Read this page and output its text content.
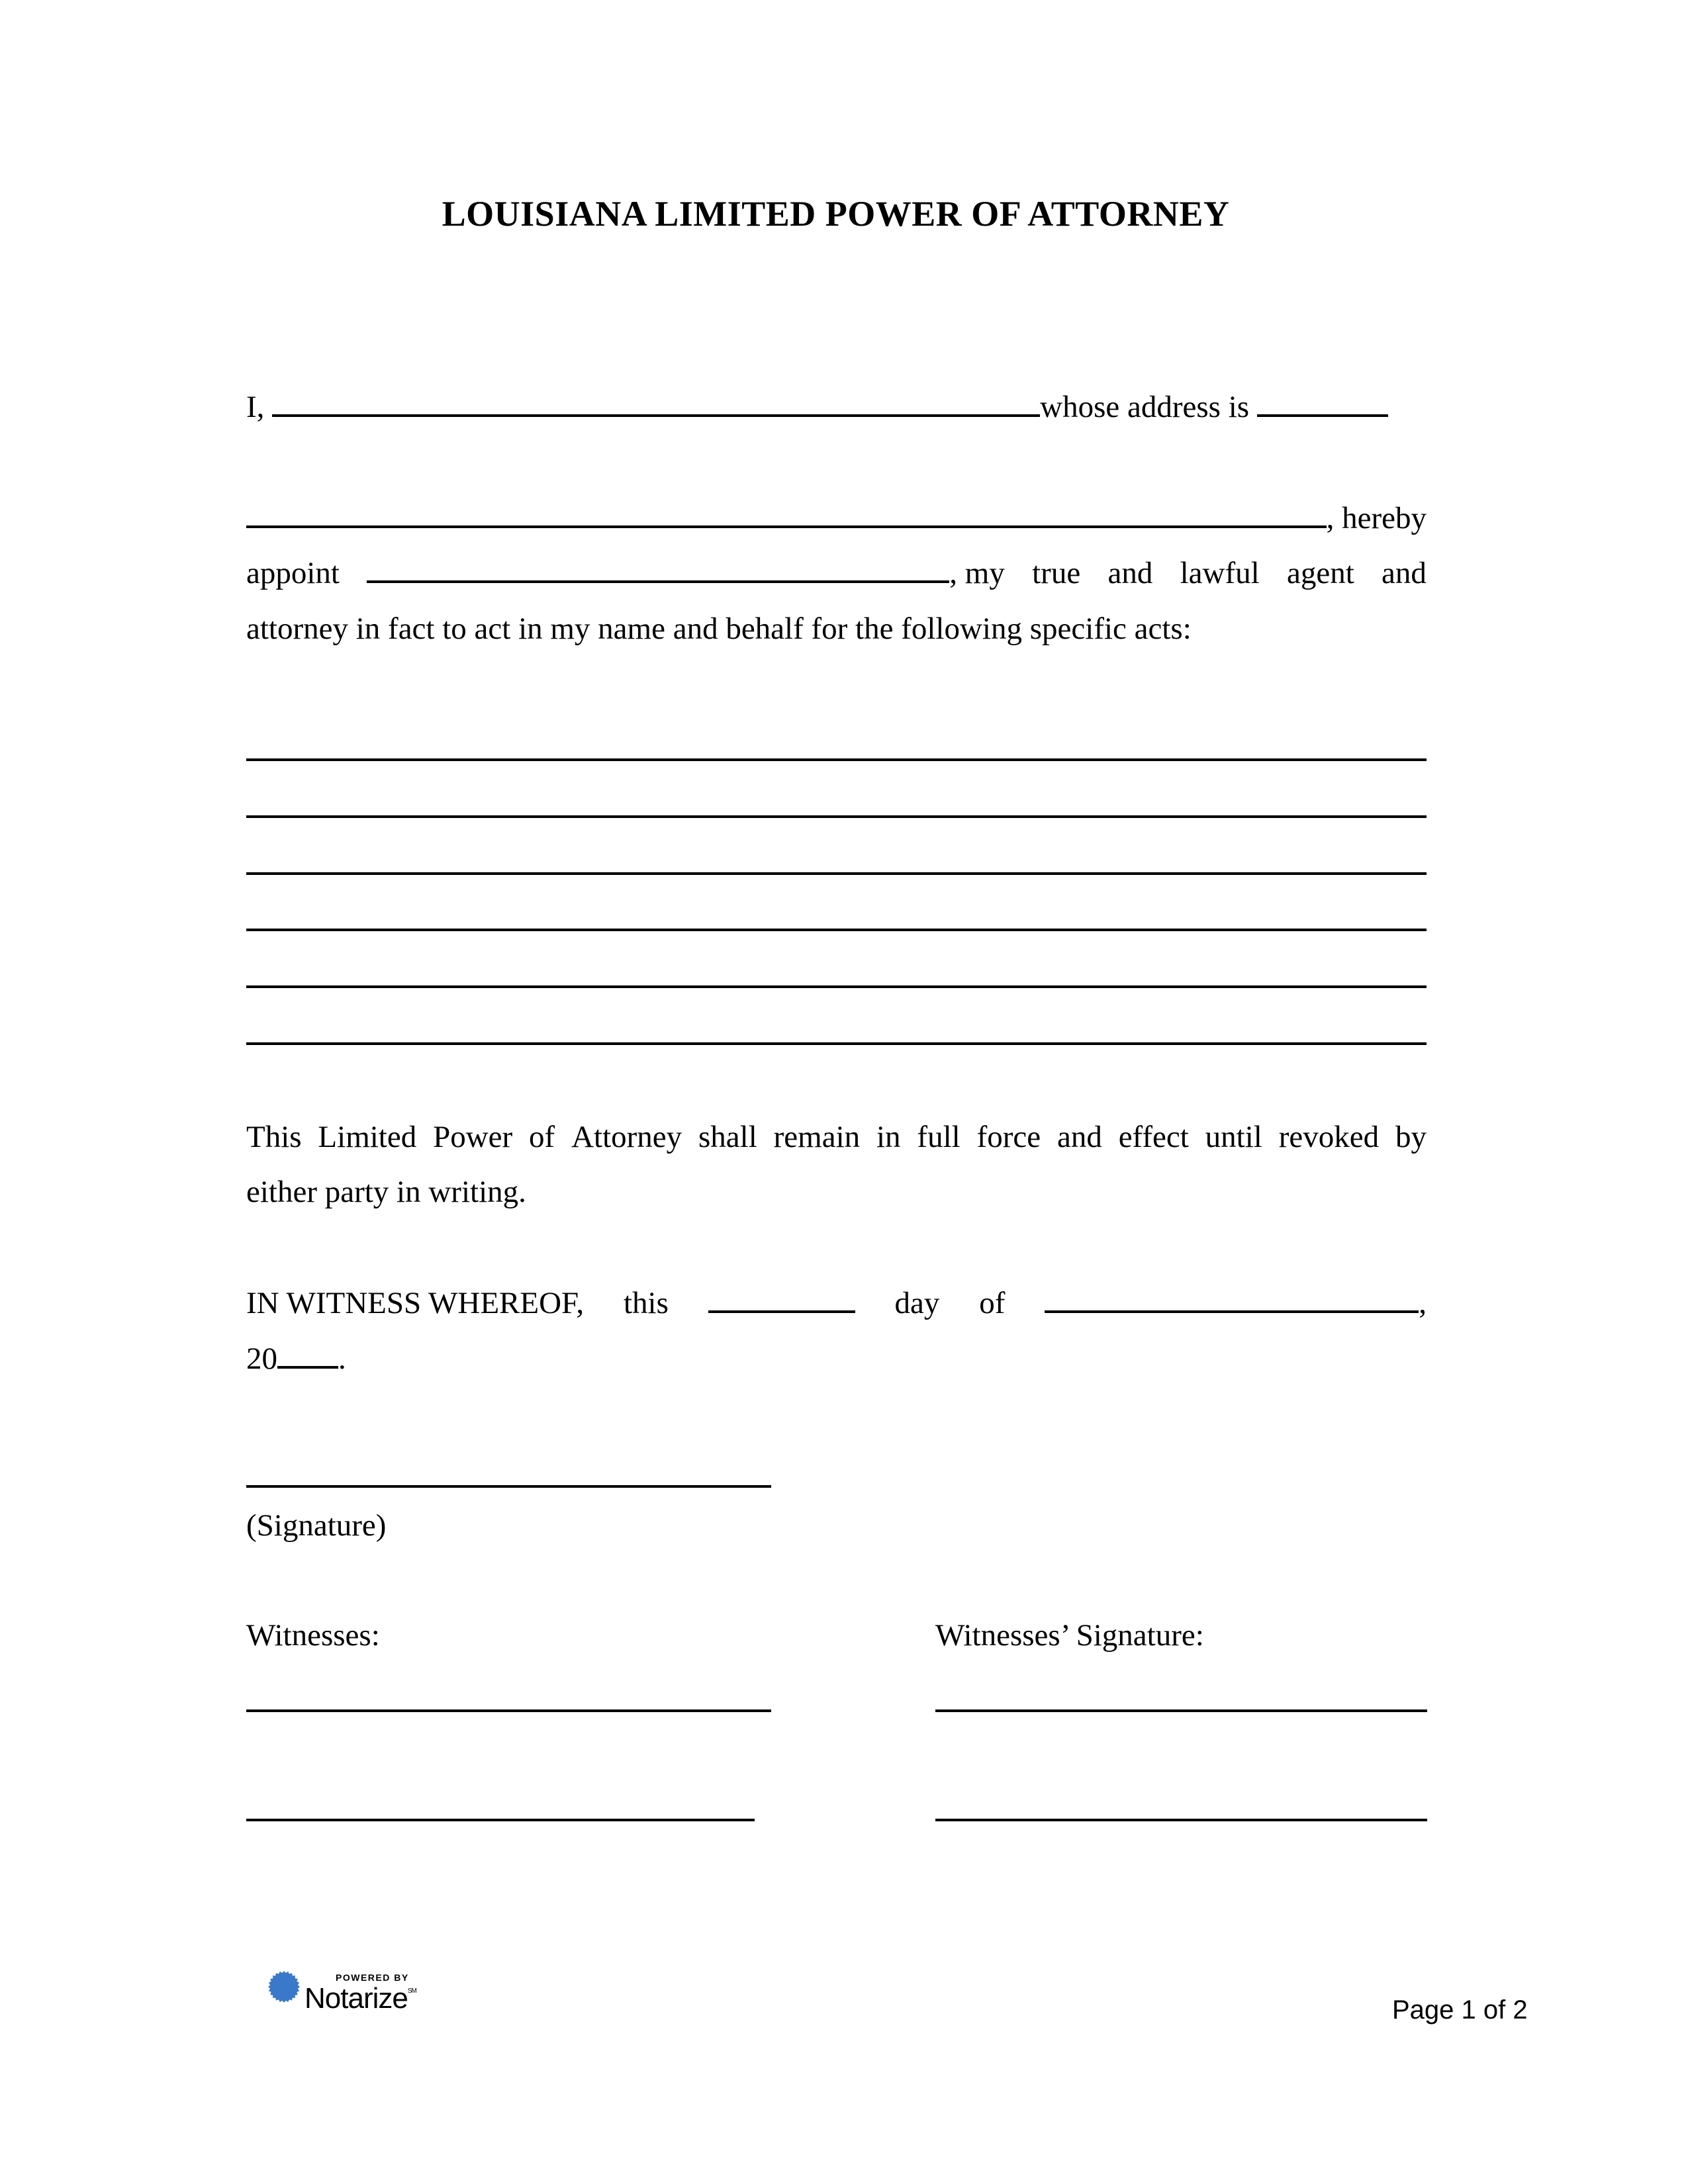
LOUISIANA LIMITED POWER OF ATTORNEY
I,	whose address is
, hereby
appoint	, my true and lawful agent and
attorney in fact to act in my name and behalf for the following specific acts:
This Limited Power of Attorney shall remain in full force and effect until revoked by
either party in writing.
IN WITNESS WHEREOF, this	day of	,
20 .
(Signature)
Witnesses:	Witnesses’ Signature:
POWERED BY
Notarize℠
Page 1 of 2
